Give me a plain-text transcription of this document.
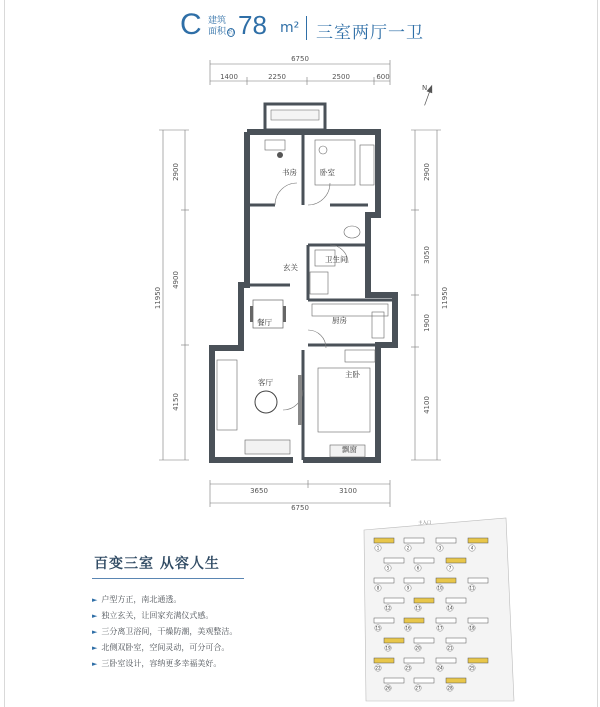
C 建筑
面积 约 78 m² 三室两厅一卫
6750
1400	2250	2500	600
N
2900
4900
4150
11950
2900
3050
1900
4100
11950
3650	3100
6750
书房	卧室
卫生间
玄关
餐厅	厨房
客厅
主卧
飘窗
百变三室 从容人生
► 户型方正，南北通透。
► 独立玄关，让回家充满仪式感。
► 三分离卫浴间，干燥防潮，美观整洁。
► 北侧双卧室，空间灵动，可分可合。
► 三卧室设计，容纳更多幸福美好。
主入口
1	2	3	4
5	6	7
8	9	10	11
12	13	14
15	16	17	18
19	20	21
22	23	24	25
26	27	28
